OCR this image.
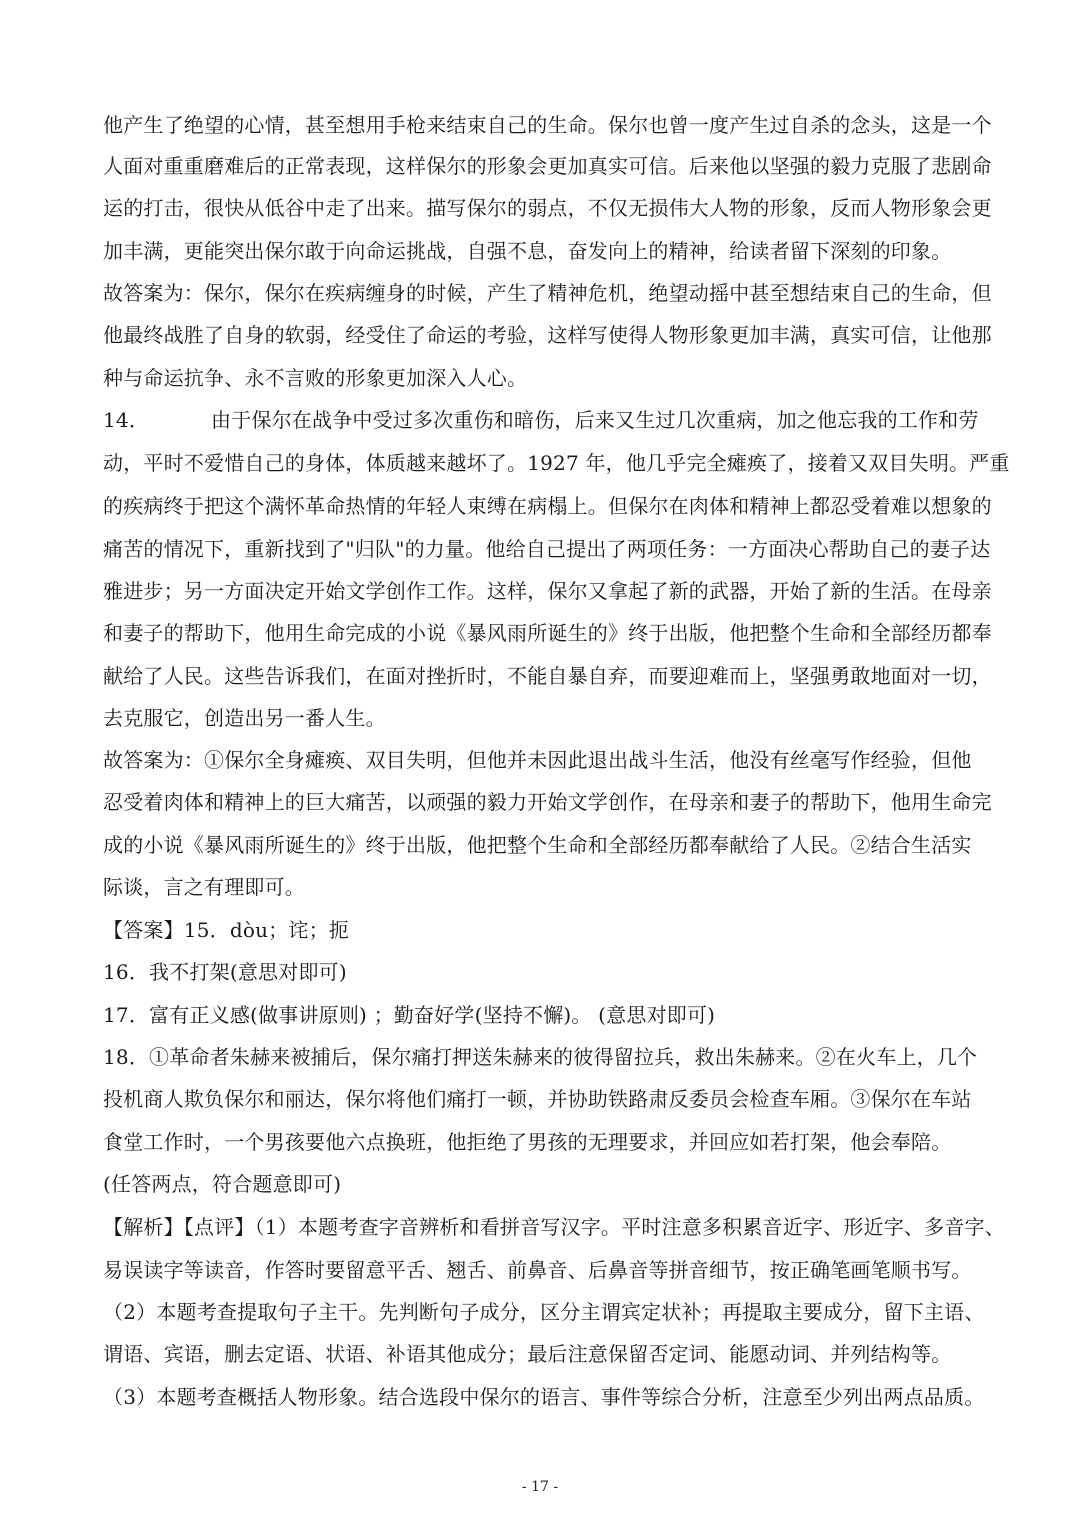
他产生了绝望的心情，甚至想用手枪来结束自己的生命。保尔也曾一度产生过自杀的念头，这是一个
人面对重重磨难后的正常表现，这样保尔的形象会更加真实可信。后来他以坚强的毅力克服了悲剧命
运的打击，很快从低谷中走了出来。描写保尔的弱点，不仅无损伟大人物的形象，反而人物形象会更
加丰满，更能突出保尔敢于向命运挑战，自强不息，奋发向上的精神，给读者留下深刻的印象。
故答案为：保尔，保尔在疾病缠身的时候，产生了精神危机，绝望动摇中甚至想结束自己的生命，但
他最终战胜了自身的软弱，经受住了命运的考验，这样写使得人物形象更加丰满，真实可信，让他那
种与命运抗争、永不言败的形象更加深入人心。
14．	由于保尔在战争中受过多次重伤和暗伤，后来又生过几次重病，加之他忘我的工作和劳
动，平时不爱惜自己的身体，体质越来越坏了。1927 年，他几乎完全瘫痪了，接着又双目失明。严重
的疾病终于把这个满怀革命热情的年轻人束缚在病榻上。但保尔在肉体和精神上都忍受着难以想象的
痛苦的情况下，重新找到了"归队"的力量。他给自己提出了两项任务：一方面决心帮助自己的妻子达
雅进步；另一方面决定开始文学创作工作。这样，保尔又拿起了新的武器，开始了新的生活。在母亲
和妻子的帮助下，他用生命完成的小说《暴风雨所诞生的》终于出版，他把整个生命和全部经历都奉
献给了人民。这些告诉我们，在面对挫折时，不能自暴自弃，而要迎难而上，坚强勇敢地面对一切，
去克服它，创造出另一番人生。
故答案为：①保尔全身瘫痪、双目失明，但他并未因此退出战斗生活，他没有丝毫写作经验，但他
忍受着肉体和精神上的巨大痛苦，以顽强的毅力开始文学创作，在母亲和妻子的帮助下，他用生命完
成的小说《暴风雨所诞生的》终于出版，他把整个生命和全部经历都奉献给了人民。②结合生活实
际谈，言之有理即可。
【答案】15．dòu；诧；扼
16．我不打架(意思对即可)
17．富有正义感(做事讲原则) ；勤奋好学(坚持不懈)。 (意思对即可)
18．①革命者朱赫来被捕后，保尔痛打押送朱赫来的彼得留拉兵，救出朱赫来。②在火车上，几个
投机商人欺负保尔和丽达，保尔将他们痛打一顿，并协助铁路肃反委员会检查车厢。③保尔在车站
食堂工作时，一个男孩要他六点换班，他拒绝了男孩的无理要求，并回应如若打架，他会奉陪。
(任答两点，符合题意即可)
【解析】【点评】（1）本题考查字音辨析和看拼音写汉字。平时注意多积累音近字、形近字、多音字、
易误读字等读音，作答时要留意平舌、翘舌、前鼻音、后鼻音等拼音细节，按正确笔画笔顺书写。
（2）本题考查提取句子主干。先判断句子成分，区分主谓宾定状补；再提取主要成分，留下主语、
谓语、宾语，删去定语、状语、补语其他成分；最后注意保留否定词、能愿动词、并列结构等。
（3）本题考查概括人物形象。结合选段中保尔的语言、事件等综合分析，注意至少列出两点品质。
- 17 -
